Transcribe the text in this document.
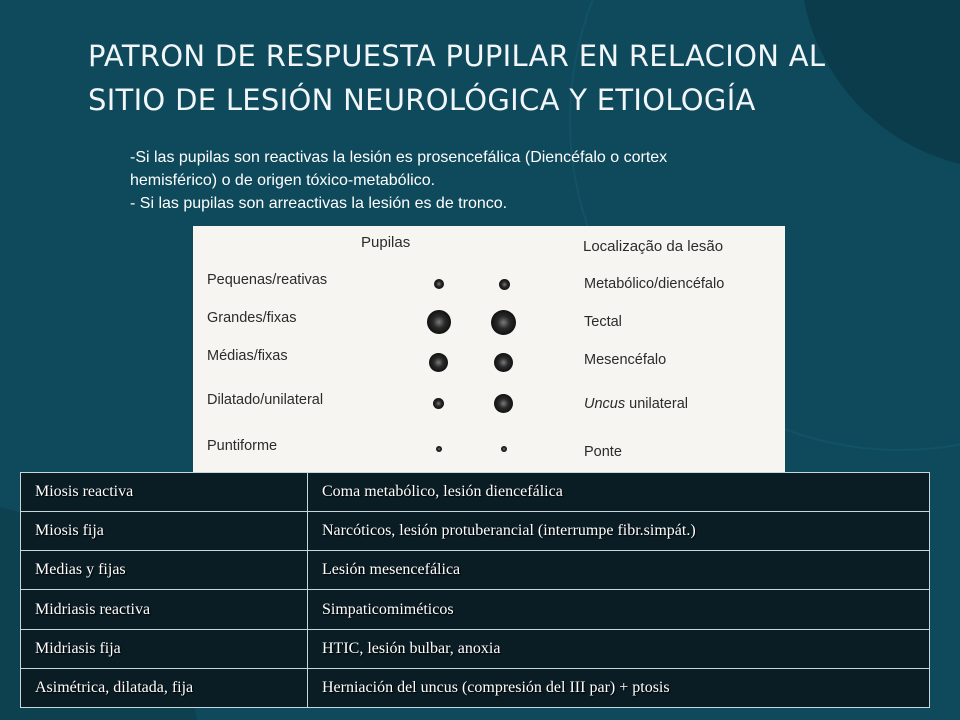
PATRON DE RESPUESTA PUPILAR EN RELACION AL
SITIO DE LESIÓN NEUROLÓGICA Y ETIOLOGÍA
-Si las pupilas son reactivas la lesión es prosencefálica (Diencéfalo o cortex
hemisférico) o de origen tóxico-metabólico.
- Si las pupilas son arreactivas la lesión es de tronco.
Pupilas	Localização da lesão
Pequenas/reativas	Metabólico/diencéfalo
Grandes/fixas	Tectal
Médias/fixas	Mesencéfalo
Dilatado/unilateral	Uncus unilateral
Puntiforme	Ponte
Miosis reactiva	Coma metabólico, lesión diencefálica
Miosis fija	Narcóticos, lesión protuberancial (interrumpe fibr.simpát.)
Medias y fijas	Lesión mesencefálica
Midriasis reactiva	Simpaticomiméticos
Midriasis fija	HTIC, lesión bulbar, anoxia
Asimétrica, dilatada, fija	Herniación del uncus (compresión del III par) + ptosis
